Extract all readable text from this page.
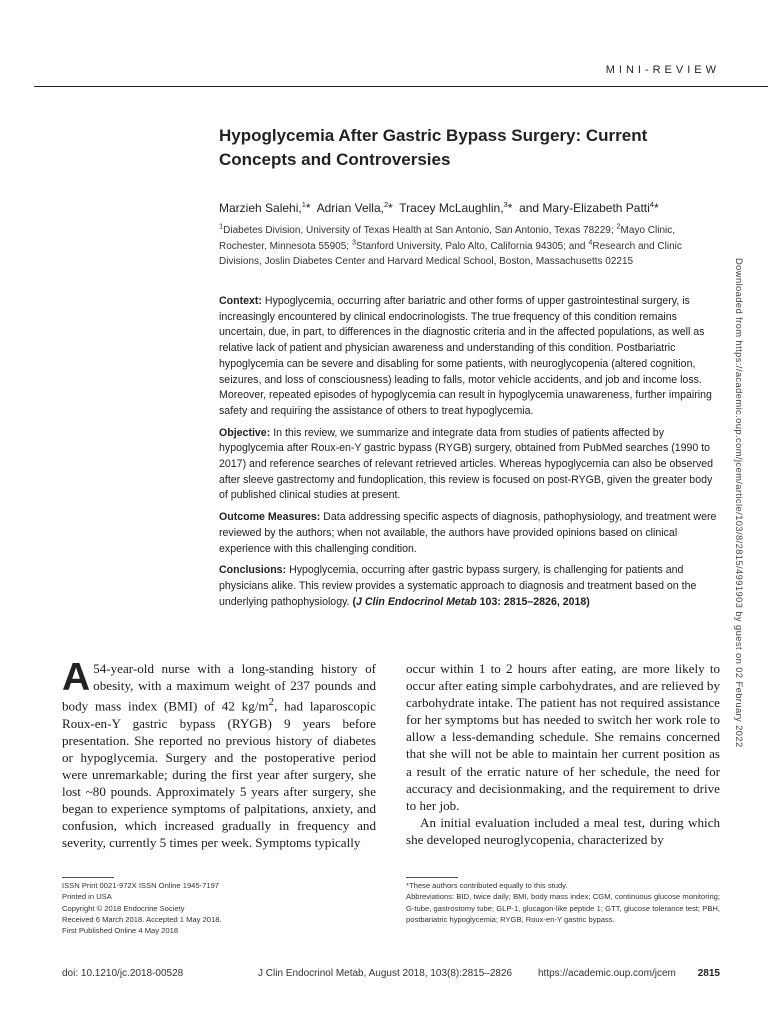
MINI-REVIEW
Hypoglycemia After Gastric Bypass Surgery: Current Concepts and Controversies
Marzieh Salehi,$^1$* Adrian Vella,$^2$* Tracey McLaughlin,$^3$* and Mary-Elizabeth Patti$^4$*

$^1$Diabetes Division, University of Texas Health at San Antonio, San Antonio, Texas 78229; $^2$Mayo Clinic, Rochester, Minnesota 55905; $^3$Stanford University, Palo Alto, California 94305; and $^4$Research and Clinic Divisions, Joslin Diabetes Center and Harvard Medical School, Boston, Massachusetts 02215	Downloaded from https://academic.oup.com/jcem/article/103/8/2815/4991903 by guest on 02 February 2022
Context: Hypoglycemia, occurring after bariatric and other forms of upper gastrointestinal surgery, is increasingly encountered by clinical endocrinologists. The true frequency of this condition remains uncertain, due, in part, to differences in the diagnostic criteria and in the affected populations, as well as relative lack of patient and physician awareness and understanding of this condition. Postbariatric hypoglycemia can be severe and disabling for some patients, with neuroglycopenia (altered cognition, seizures, and loss of consciousness) leading to falls, motor vehicle accidents, and job and income loss. Moreover, repeated episodes of hypoglycemia can result in hypoglycemia unawareness, further impairing safety and requiring the assistance of others to treat hypoglycemia.
Objective: In this review, we summarize and integrate data from studies of patients affected by hypoglycemia after Roux-en-Y gastric bypass (RYGB) surgery, obtained from PubMed searches (1990 to 2017) and reference searches of relevant retrieved articles. Whereas hypoglycemia can also be observed after sleeve gastrectomy and fundoplication, this review is focused on post-RYGB, given the greater body of published clinical studies at present.
Outcome Measures: Data addressing specific aspects of diagnosis, pathophysiology, and treatment were reviewed by the authors; when not available, the authors have provided opinions based on clinical experience with this challenging condition.
Conclusions: Hypoglycemia, occurring after gastric bypass surgery, is challenging for patients and physicians alike. This review provides a systematic approach to diagnosis and treatment based on the underlying pathophysiology. (J Clin Endocrinol Metab 103: 2815–2826, 2018)

A 54-year-old nurse with a long-standing history of obesity, with a maximum weight of 237 pounds and body mass index (BMI) of 42 $kg/m^2$, had laparoscopic Roux-en-Y gastric bypass (RYGB) 9 years before presentation. She reported no previous history of diabetes or hypoglycemia. Surgery and the postoperative period were unremarkable; during the first year after surgery, she lost ~80 pounds. Approximately 5 years after surgery, she began to experience symptoms of palpitations, anxiety, and confusion, which increased gradually in frequency and severity, currently 5 times per week. Symptoms typically

occur within 1 to 2 hours after eating, are more likely to occur after eating simple carbohydrates, and are relieved by carbohydrate intake. The patient has not required assistance for her symptoms but has needed to switch her work role to allow a less-demanding schedule. She remains concerned that she will not be able to maintain her current position as a result of the erratic nature of her schedule, the need for accuracy and decisionmaking, and the requirement to drive to her job.

An initial evaluation included a meal test, during which she developed neuroglycopenia, characterized by

ISSN Print 0021-972X ISSN Online 1945-7197
Printed in USA
Copyright © 2018 Endocrine Society
Received 6 March 2018. Accepted 1 May 2018.
First Published Online 4 May 2018

*These authors contributed equally to this study.

Abbreviations: BID, twice daily; BMI, body mass index; CGM, continuous glucose monitoring; G-tube, gastrostomy tube; GLP-1, glucagon-like peptide 1; GTT, glucose tolerance test; PBH, postbariatric hypoglycemia; RYGB, Roux-en-Y gastric bypass.

doi: 10.1210/jc.2018-00528	J Clin Endocrinol Metab, August 2018, 103(8):2815–2826	https://academic.oup.com/jcem 2815
